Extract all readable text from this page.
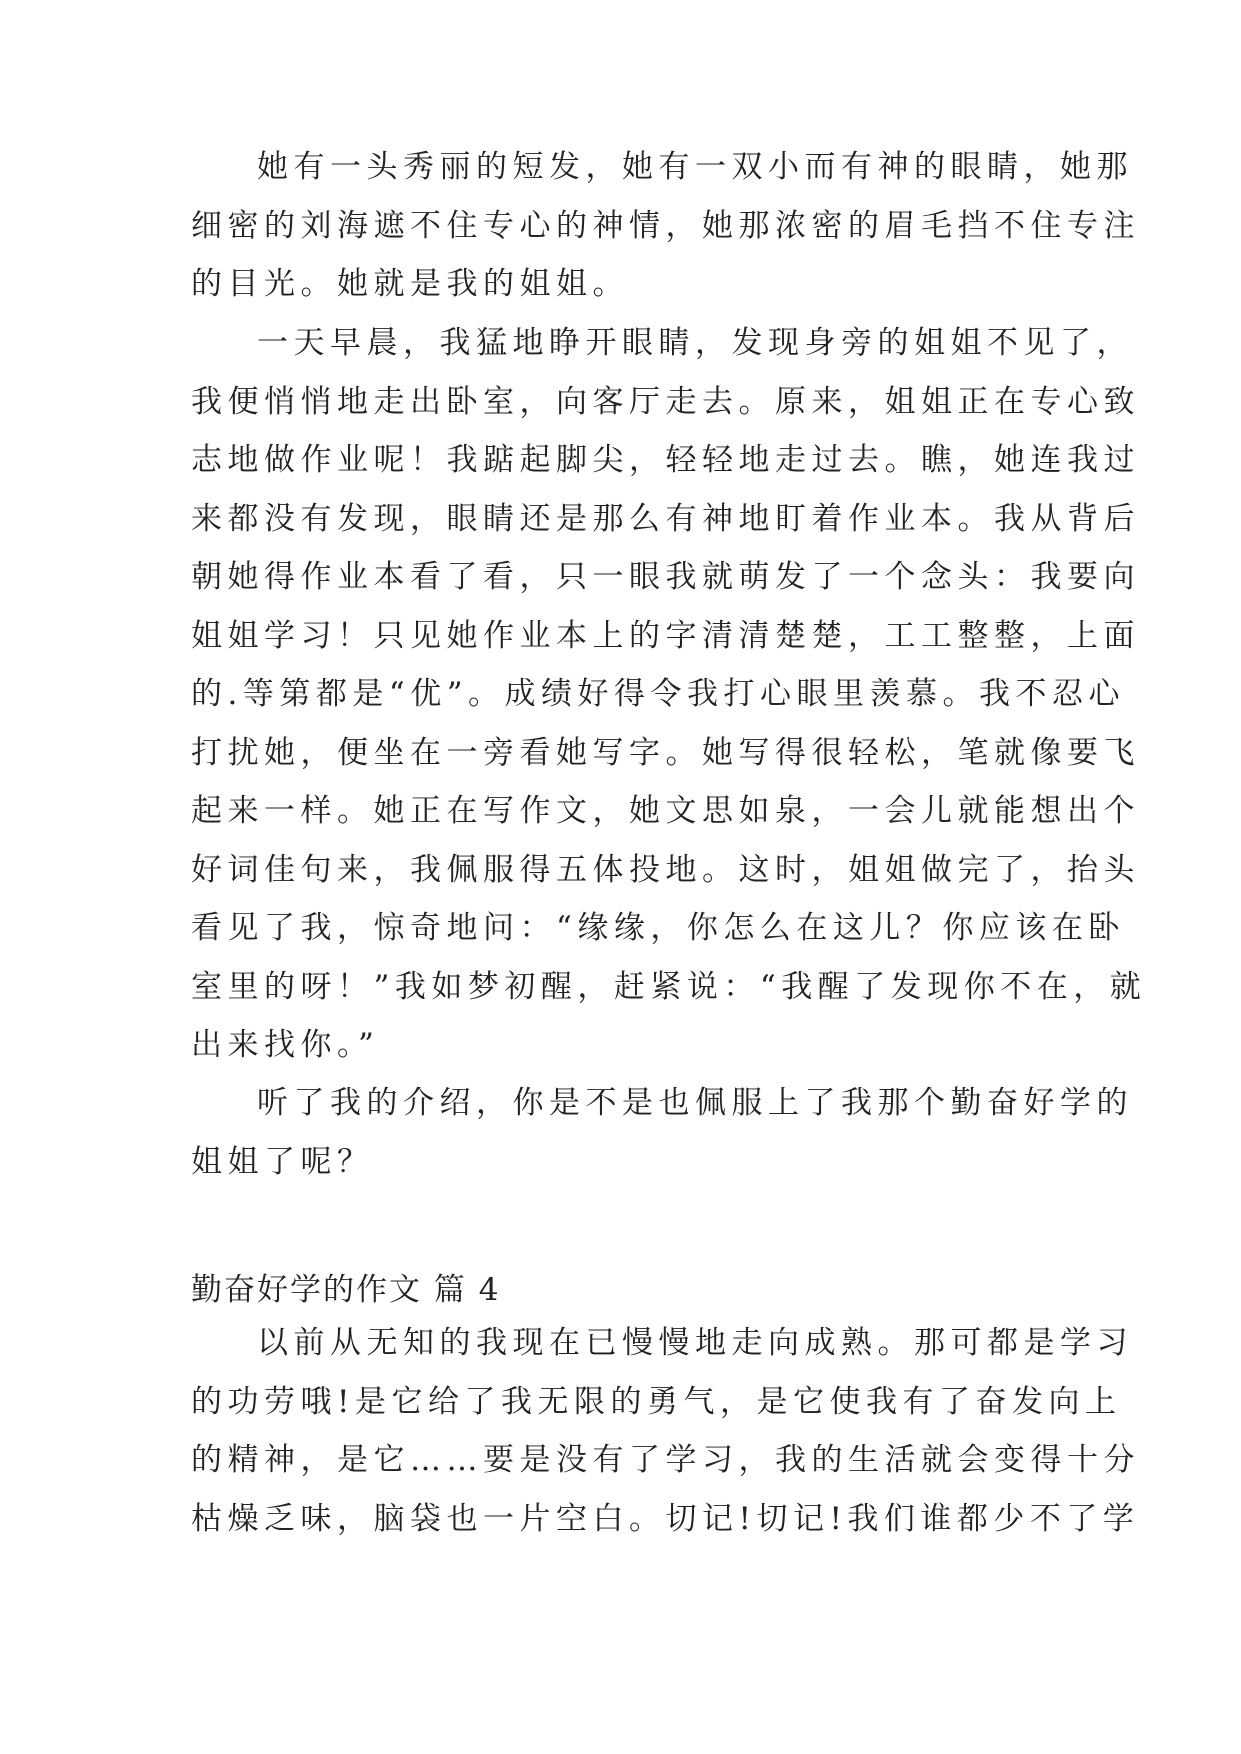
她有一头秀丽的短发，她有一双小而有神的眼睛，她那
细密的刘海遮不住专心的神情，她那浓密的眉毛挡不住专注
的目光。她就是我的姐姐。
一天早晨，我猛地睁开眼睛，发现身旁的姐姐不见了，
我便悄悄地走出卧室，向客厅走去。原来，姐姐正在专心致
志地做作业呢！我踮起脚尖，轻轻地走过去。瞧，她连我过
来都没有发现，眼睛还是那么有神地盯着作业本。我从背后
朝她得作业本看了看，只一眼我就萌发了一个念头：我要向
姐姐学习！只见她作业本上的字清清楚楚，工工整整，上面
的.等第都是“优”。成绩好得令我打心眼里羡慕。我不忍心
打扰她，便坐在一旁看她写字。她写得很轻松，笔就像要飞
起来一样。她正在写作文，她文思如泉，一会儿就能想出个
好词佳句来，我佩服得五体投地。这时，姐姐做完了，抬头
看见了我，惊奇地问：“缘缘，你怎么在这儿？你应该在卧
室里的呀！”我如梦初醒，赶紧说：“我醒了发现你不在，就
出来找你。”
听了我的介绍，你是不是也佩服上了我那个勤奋好学的
姐姐了呢？
勤奋好学的作文 篇 4
以前从无知的我现在已慢慢地走向成熟。那可都是学习
的功劳哦!是它给了我无限的勇气，是它使我有了奋发向上
的精神，是它……要是没有了学习，我的生活就会变得十分
枯燥乏味，脑袋也一片空白。切记!切记!我们谁都少不了学
